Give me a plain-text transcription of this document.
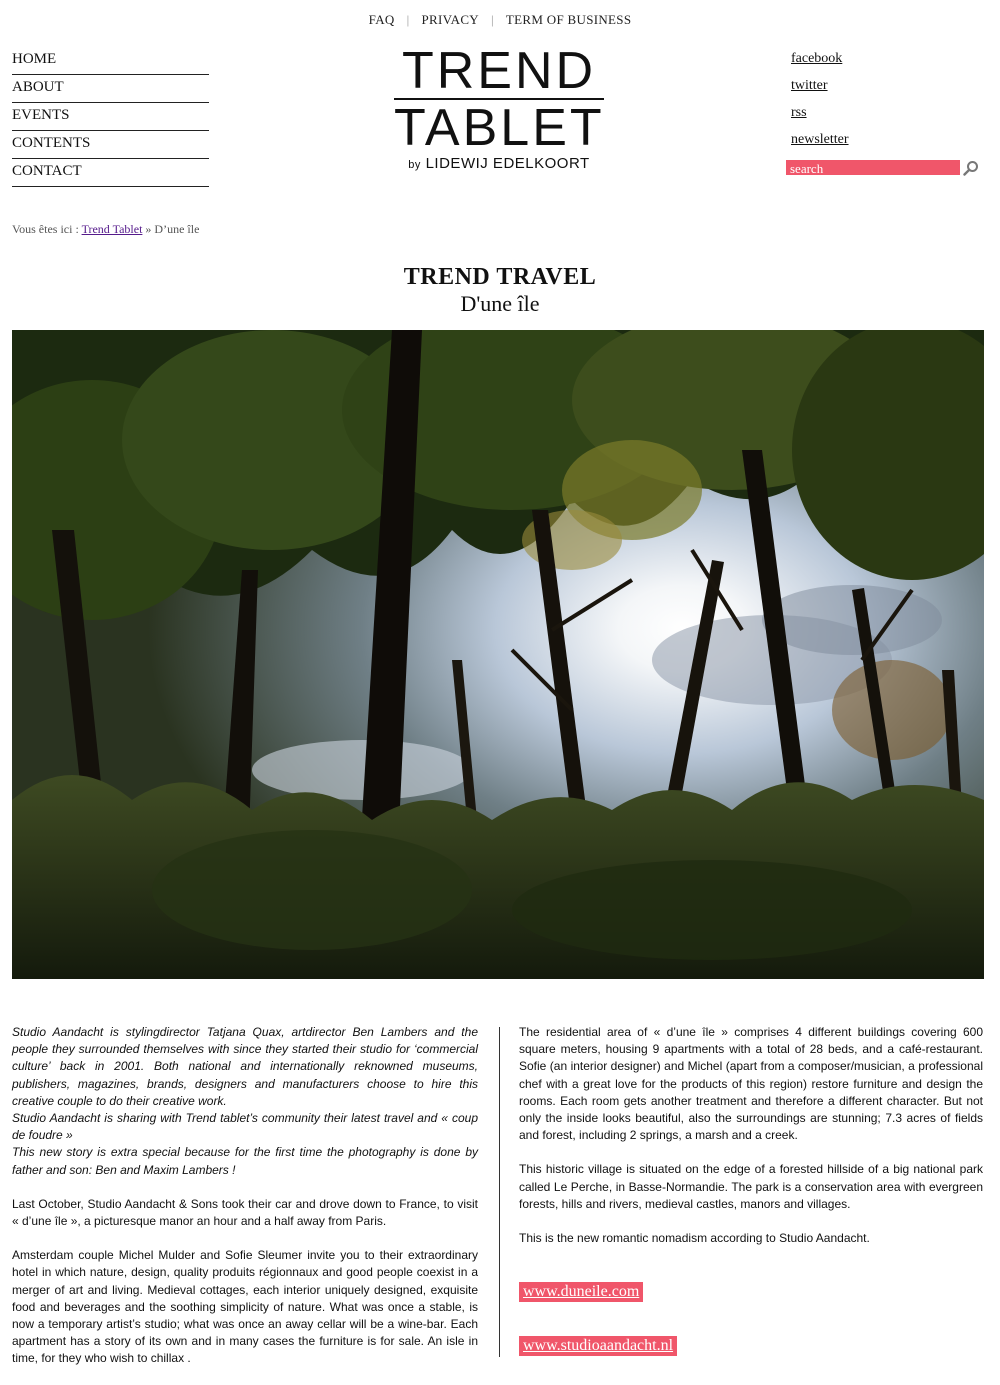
FAQ | PRIVACY | TERM OF BUSINESS
HOME
ABOUT
EVENTS
CONTENTS
CONTACT
TREND
TABLET
by LIDEWIJ EDELKOORT
facebook
twitter
rss
newsletter
search
Vous êtes ici : Trend Tablet » D’une île
TREND TRAVEL
D'une île

Studio Aandacht is stylingdirector Tatjana Quax, artdirector Ben Lambers and the people they surrounded themselves with since they started their studio for ‘commercial culture’ back in 2001. Both national and internationally reknowned museums, publishers, magazines, brands, designers and manufacturers choose to hire this creative couple to do their creative work.
Studio Aandacht is sharing with Trend tablet’s community their latest travel and « coup de foudre »
This new story is extra special because for the first time the photography is done by father and son: Ben and Maxim Lambers !

Last October, Studio Aandacht & Sons took their car and drove down to France, to visit « d’une île », a picturesque manor an hour and a half away from Paris.

Amsterdam couple Michel Mulder and Sofie Sleumer invite you to their extraordinary hotel in which nature, design, quality produits régionnaux and good people coexist in a merger of art and living. Medieval cottages, each interior uniquely designed, exquisite food and beverages and the soothing simplicity of nature. What was once a stable, is now a temporary artist’s studio; what was once an away cellar will be a wine-bar. Each apartment has a story of its own and in many cases the furniture is for sale. An isle in time, for they who wish to chillax .

The residential area of « d’une île » comprises 4 different buildings covering 600 square meters, housing 9 apartments with a total of 28 beds, and a café-restaurant. Sofie (an interior designer) and Michel (apart from a composer/musician, a professional chef with a great love for the products of this region) restore furniture and design the rooms. Each room gets another treatment and therefore a different character. But not only the inside looks beautiful, also the surroundings are stunning; 7.3 acres of fields and forest, including 2 springs, a marsh and a creek.

This historic village is situated on the edge of a forested hillside of a big national park called Le Perche, in Basse-Normandie. The park is a conservation area with evergreen forests, hills and rivers, medieval castles, manors and villages.

This is the new romantic nomadism according to Studio Aandacht.

www.duneile.com
www.studioaandacht.nl
